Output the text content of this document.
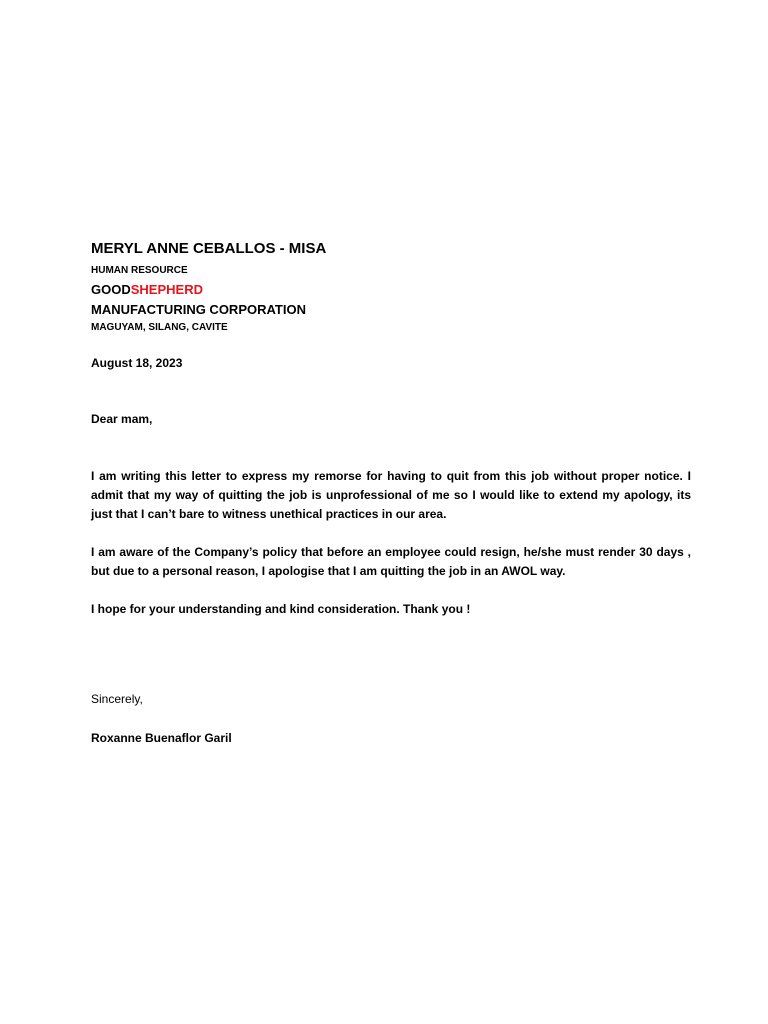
MERYL ANNE CEBALLOS - MISA
HUMAN RESOURCE
GOODSHEPHERD
MANUFACTURING CORPORATION
MAGUYAM, SILANG, CAVITE
August 18, 2023
Dear mam,
I am writing this letter to express my remorse for having to quit from this job without proper notice. I admit that my way of quitting the job is unprofessional of me so I would like to extend my apology, its just that I can’t bare to witness unethical practices in our area.
I am aware of the Company’s policy that before an employee could resign, he/she must render 30 days , but due to a personal reason, I apologise that I am quitting the job in an AWOL way.
I hope for your understanding and kind consideration. Thank you !
Sincerely,
Roxanne Buenaflor Garil
